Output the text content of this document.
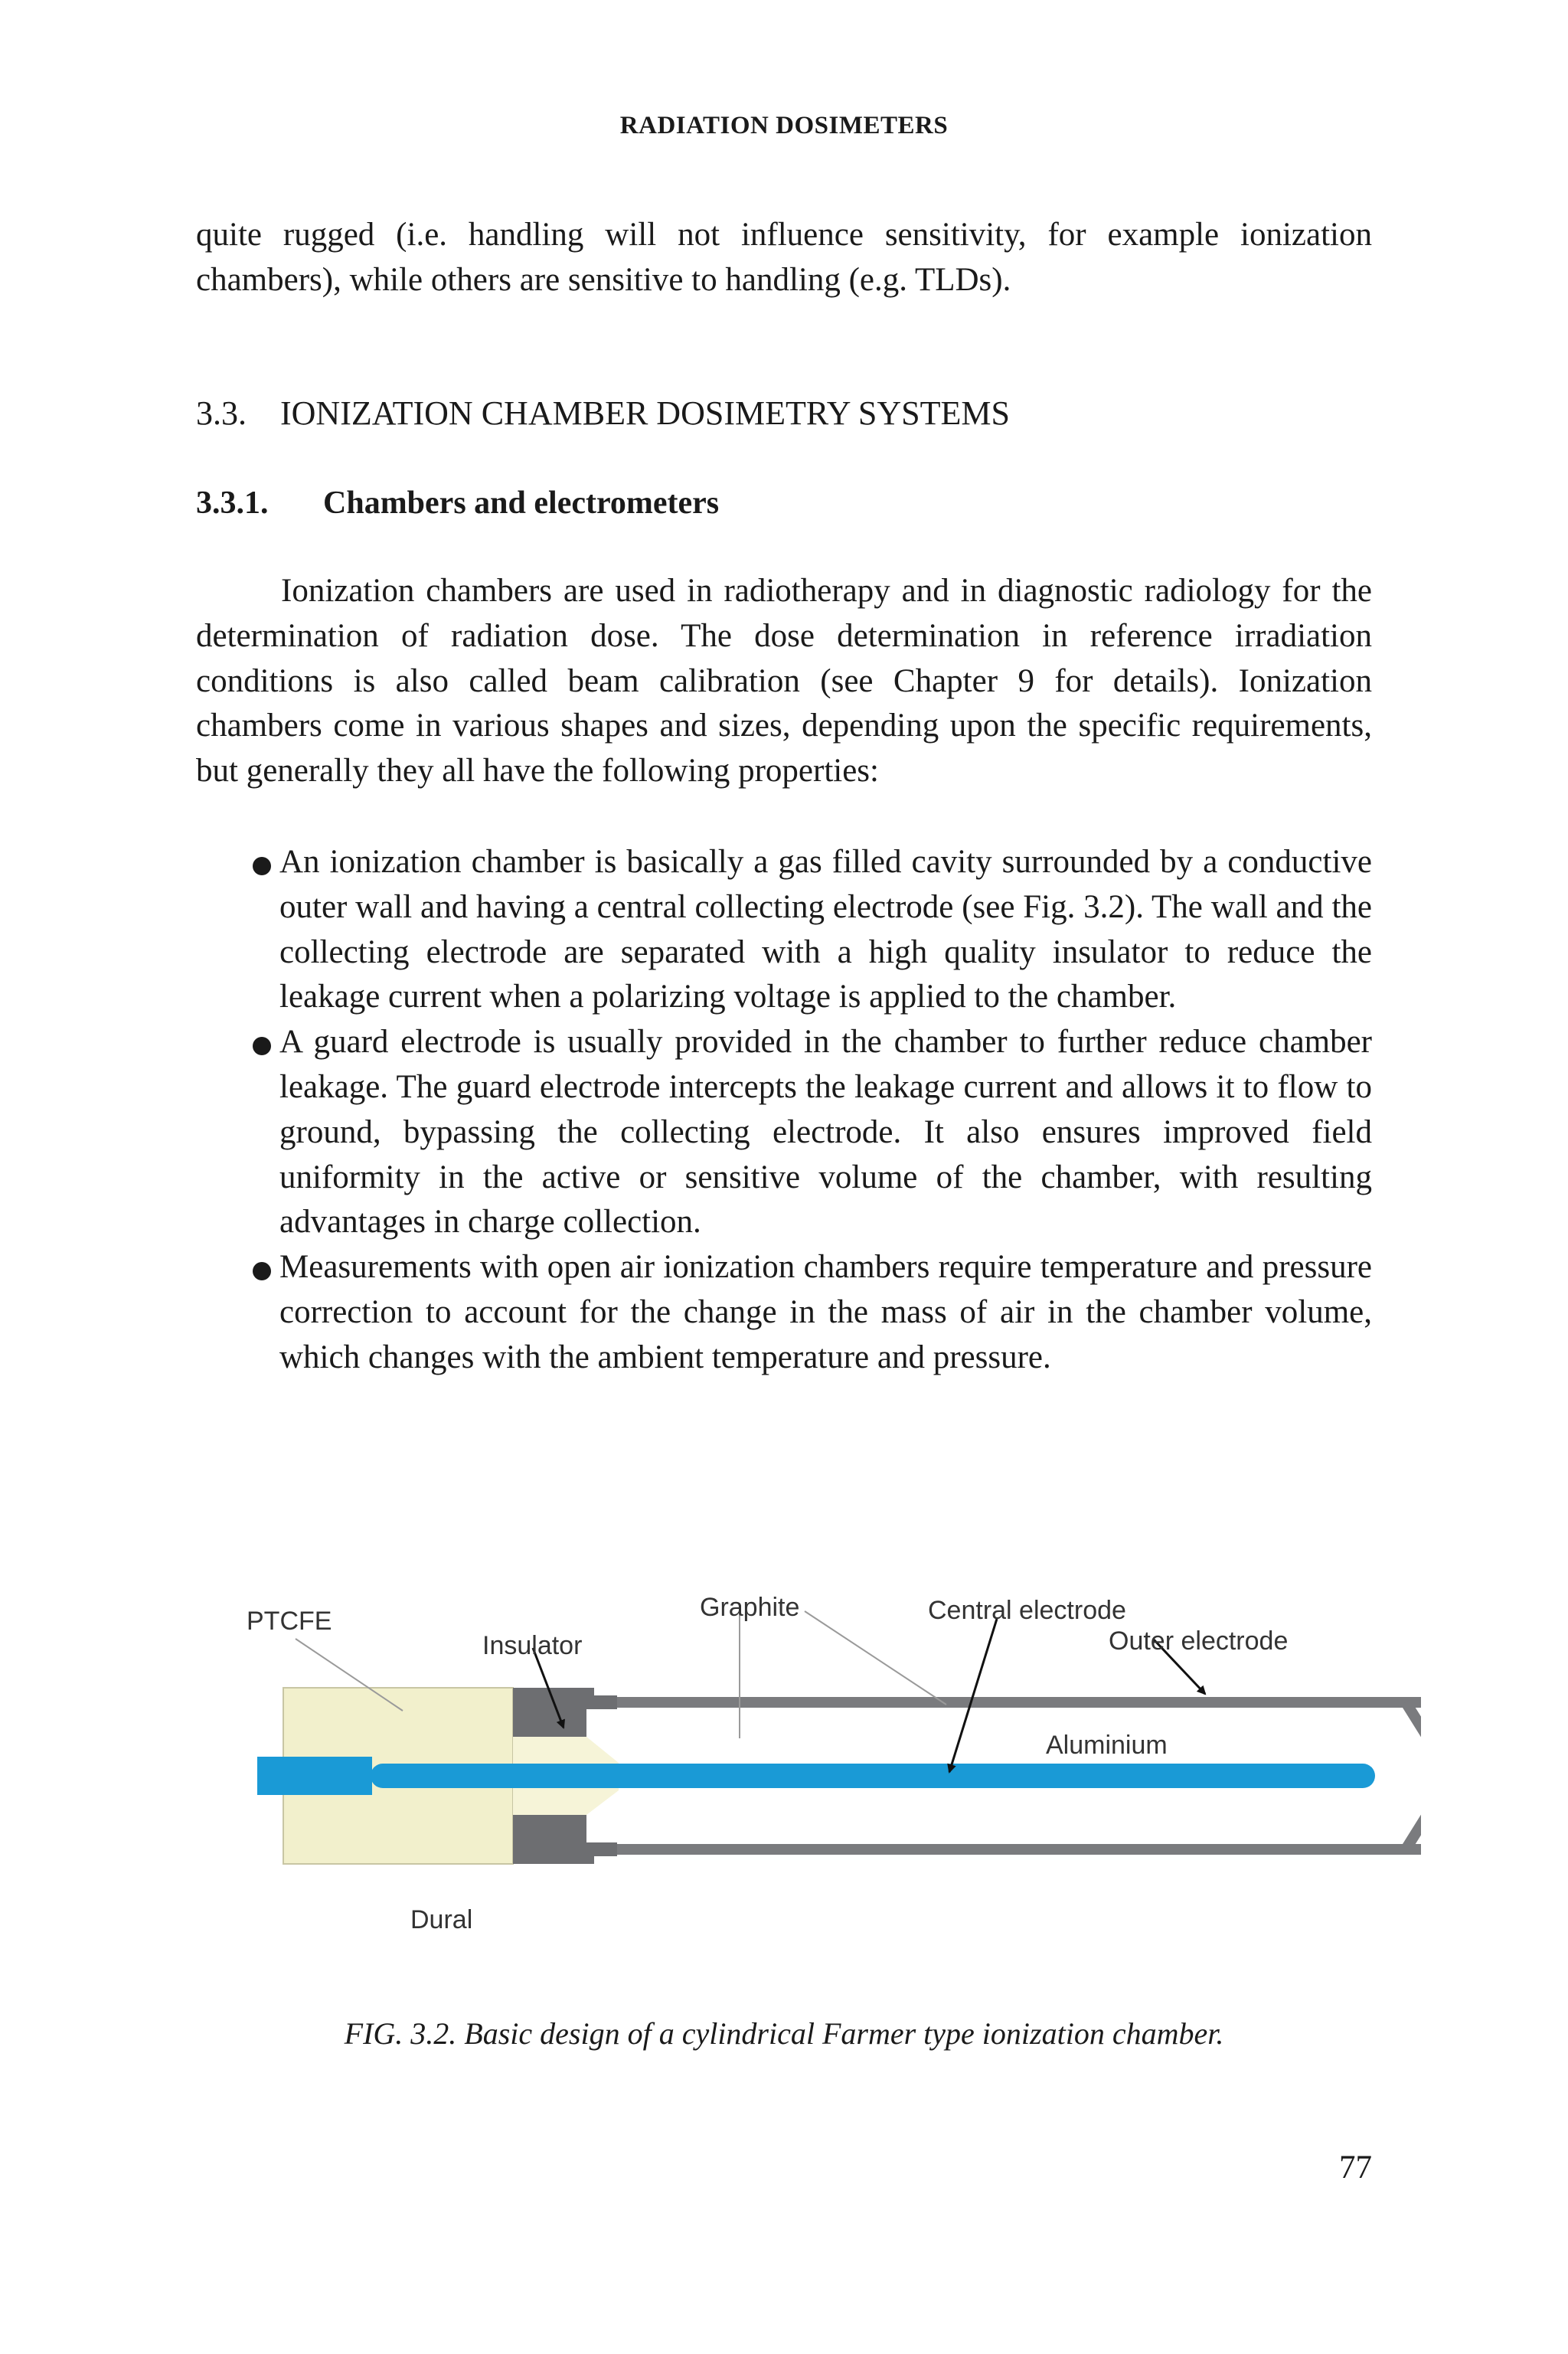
RADIATION DOSIMETERS

quite rugged (i.e. handling will not influence sensitivity, for example ionization chambers), while others are sensitive to handling (e.g. TLDs).

3.3. IONIZATION CHAMBER DOSIMETRY SYSTEMS
3.3.1. Chambers and electrometers

Ionization chambers are used in radiotherapy and in diagnostic radiology for the determination of radiation dose. The dose determination in reference irradiation conditions is also called beam calibration (see Chapter 9 for details). Ionization chambers come in various shapes and sizes, depending upon the specific requirements, but generally they all have the following properties:

An ionization chamber is basically a gas filled cavity surrounded by a conductive outer wall and having a central collecting electrode (see Fig. 3.2). The wall and the collecting electrode are separated with a high quality insulator to reduce the leakage current when a polarizing voltage is applied to the chamber.
A guard electrode is usually provided in the chamber to further reduce chamber leakage. The guard electrode intercepts the leakage current and allows it to flow to ground, bypassing the collecting electrode. It also ensures improved field uniformity in the active or sensitive volume of the chamber, with resulting advantages in charge collection.
Measurements with open air ionization chambers require temperature and pressure correction to account for the change in the mass of air in the chamber volume, which changes with the ambient temperature and pressure.
PTCFE
Insulator
Graphite	Central electrode
Outer electrode
Aluminium
Dural
FIG. 3.2. Basic design of a cylindrical Farmer type ionization chamber.
77
